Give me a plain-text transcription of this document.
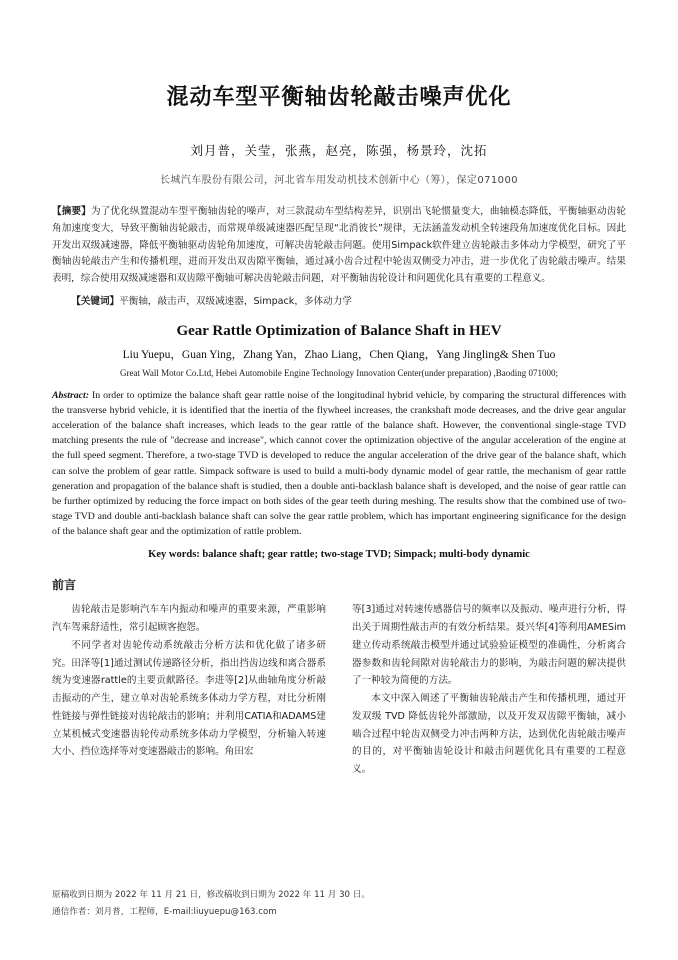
混动车型平衡轴齿轮敲击噪声优化
刘月普，关莹，张燕，赵亮，陈强，杨景玲，沈拓
长城汽车股份有限公司，河北省车用发动机技术创新中心（筹），保定071000

【摘要】为了优化纵置混动车型平衡轴齿轮的噪声，对三款混动车型结构差异，识别出飞轮惯量变大，曲轴模态降低，平衡轴驱动齿轮角加速度变大，导致平衡轴齿轮敲击，而常规单级减速器匹配呈现“北消彼长”规律，无法涵盖发动机全转速段角加速度优化目标。因此开发出双级减速器，降低平衡轴驱动齿轮角加速度，可解决齿轮敲击问题。使用Simpack软件建立齿轮敲击多体动力学模型，研究了平衡轴齿轮敲击产生和传播机理，进而开发出双齿隙平衡轴，通过减小齿合过程中轮齿双侧受力冲击，进一步优化了齿轮敲击噪声。结果表明，综合使用双级减速器和双齿隙平衡轴可解决齿轮敲击问题，对平衡轴齿轮设计和问题优化具有重要的工程意义。

【关键词】平衡轴，敲击声，双级减速器，Simpack，多体动力学

Gear Rattle Optimization of Balance Shaft in HEV
Liu Yuepu，Guan Ying，Zhang Yan，Zhao Liang，Chen Qiang，Yang Jingling& Shen Tuo
Great Wall Motor Co.Ltd, Hebei Automobile Engine Technology Innovation Center(under preparation) ,Baoding 071000;

Abstract: In order to optimize the balance shaft gear rattle noise of the longitudinal hybrid vehicle, by comparing the structural differences with the transverse hybrid vehicle, it is identified that the inertia of the flywheel increases, the crankshaft mode decreases, and the drive gear angular acceleration of the balance shaft increases, which leads to the gear rattle of the balance shaft. However, the conventional single-stage TVD matching presents the rule of "decrease and increase", which cannot cover the optimization objective of the angular acceleration of the engine at the full speed segment. Therefore, a two-stage TVD is developed to reduce the angular acceleration of the drive gear of the balance shaft, which can solve the problem of gear rattle. Simpack software is used to build a multi-body dynamic model of gear rattle, the mechanism of gear rattle generation and propagation of the balance shaft is studied, then a double anti-backlash balance shaft is developed, and the noise of gear rattle can be further optimized by reducing the force impact on both sides of the gear teeth during meshing. The results show that the combined use of two-stage TVD and double anti-backlash balance shaft can solve the gear rattle problem, which has important engineering significance for the design of the balance shaft gear and the optimization of rattle problem.

Key words: balance shaft; gear rattle; two-stage TVD; Simpack; multi-body dynamic
前言

齿轮敲击是影响汽车车内振动和噪声的重要来源，严重影响汽车驾乘舒适性，常引起顾客抱怨。

不同学者对齿轮传动系统敲击分析方法和优化做了诸多研究。田泽等[1]通过测试传递路径分析，指出挡齿边线和离合器系统为变速器rattle的主要贡献路径。李进等[2]从曲轴角度分析敲击振动的产生，建立单对齿轮系统多体动力学方程，对比分析刚性链接与弹性链接对齿轮敲击的影响；并利用CATIA和ADAMS建立某机械式变速器齿轮传动系统多体动力学模型，分析输入转速大小、挡位选择等对变速器敲击的影响。角田宏

等[3]通过对转速传感器信号的频率以及振动、噪声进行分析，得出关于周期性敲击声的有效分析结果。聂兴华[4]等利用AMESim建立传动系统敲击模型并通过试验验证模型的准确性，分析离合器参数和齿轮间隙对齿轮敲击力的影响，为敲击问题的解决提供了一种较为简便的方法。

本文中深入阐述了平衡轴齿轮敲击产生和传播机理，通过开发双级 TVD 降低齿轮外部激励，以及开发双齿隙平衡轴，减小啮合过程中轮齿双侧受力冲击两种方法，达到优化齿轮敲击噪声的目的，对平衡轴齿轮设计和敲击问题优化具有重要的工程意义。

原稿收到日期为 2022 年 11 月 21 日，修改稿收到日期为 2022 年 11 月 30 日。
通信作者：刘月普，工程师，E-mail:liuyuepu@163.com
